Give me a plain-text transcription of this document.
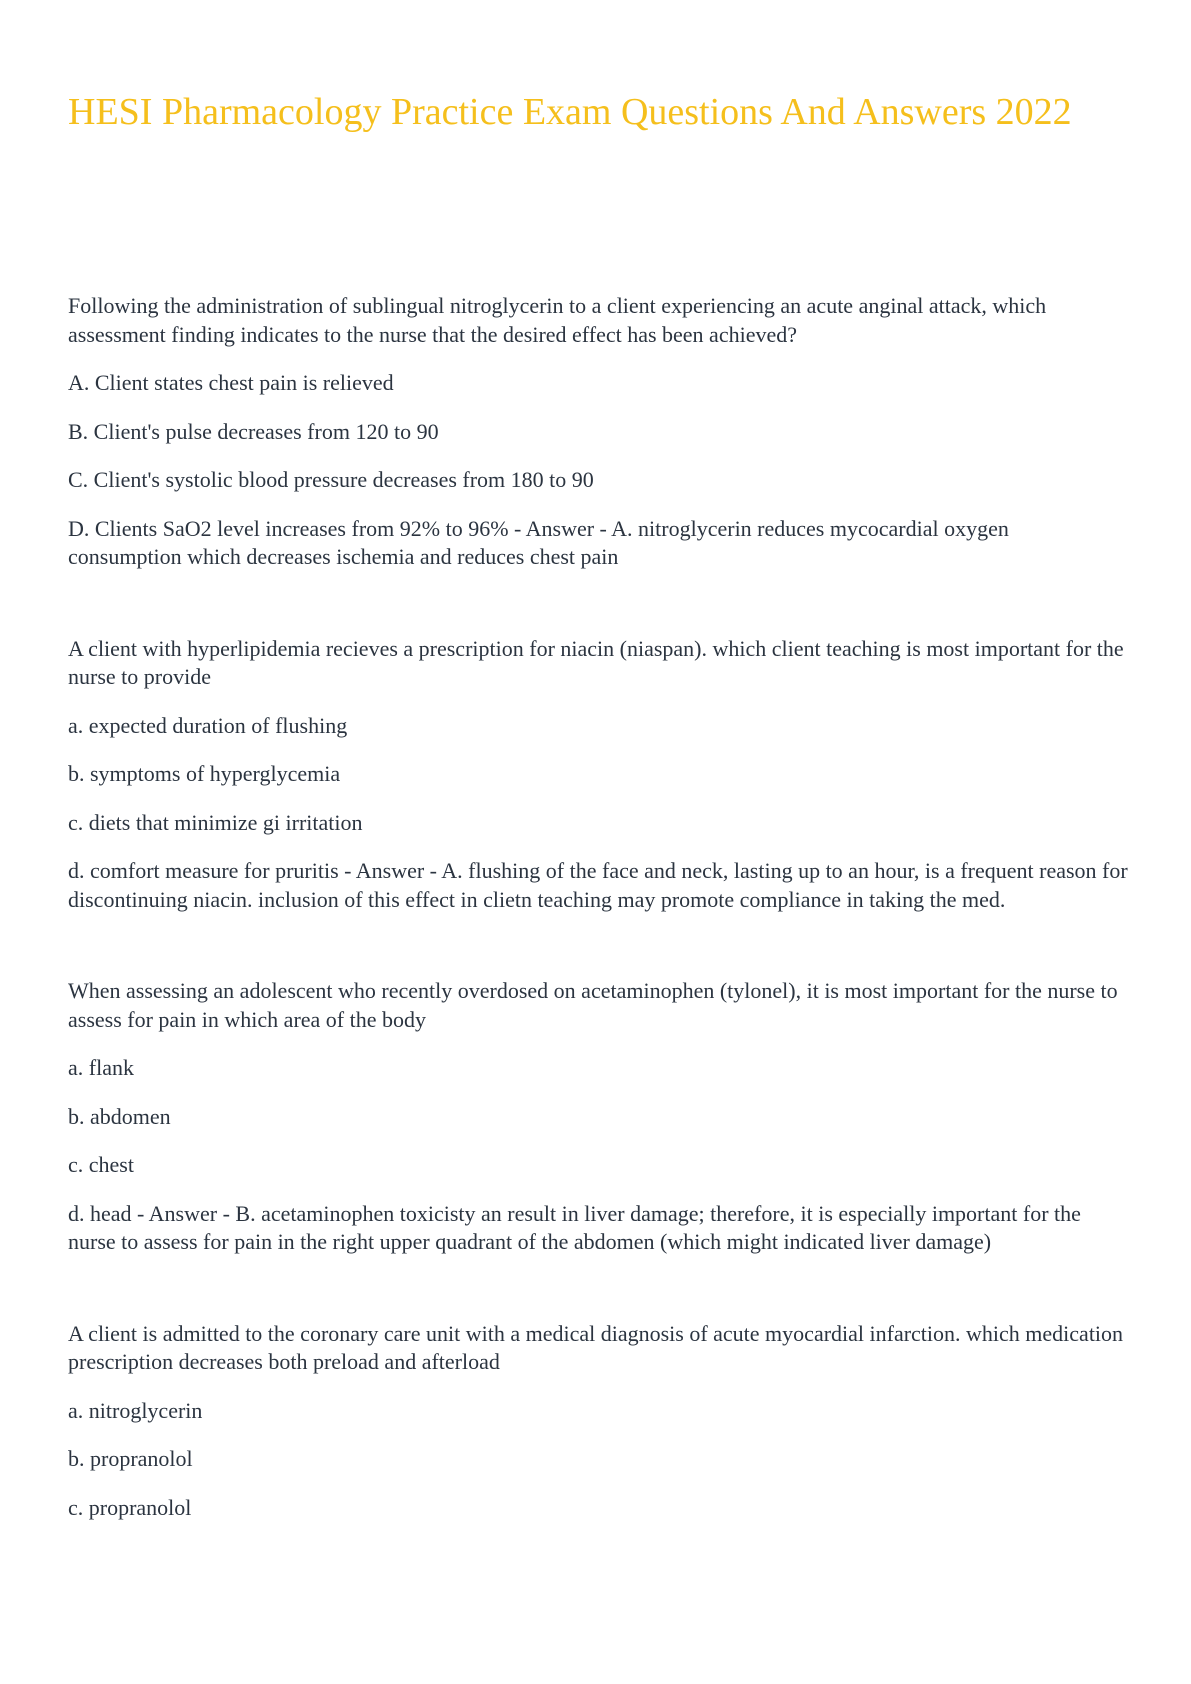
HESI Pharmacology Practice Exam Questions And Answers 2022

Following the administration of sublingual nitroglycerin to a client experiencing an acute anginal attack, which assessment finding indicates to the nurse that the desired effect has been achieved?

A. Client states chest pain is relieved

B. Client's pulse decreases from 120 to 90

C. Client's systolic blood pressure decreases from 180 to 90

D. Clients SaO2 level increases from 92% to 96% - Answer - A. nitroglycerin reduces mycocardial oxygen consumption which decreases ischemia and reduces chest pain

A client with hyperlipidemia recieves a prescription for niacin (niaspan). which client teaching is most important for the nurse to provide

a. expected duration of flushing

b. symptoms of hyperglycemia

c. diets that minimize gi irritation

d. comfort measure for pruritis - Answer - A. flushing of the face and neck, lasting up to an hour, is a frequent reason for discontinuing niacin. inclusion of this effect in clietn teaching may promote compliance in taking the med.

When assessing an adolescent who recently overdosed on acetaminophen (tylonel), it is most important for the nurse to assess for pain in which area of the body

a. flank

b. abdomen

c. chest

d. head - Answer - B. acetaminophen toxicisty an result in liver damage; therefore, it is especially important for the nurse to assess for pain in the right upper quadrant of the abdomen (which might indicated liver damage)

A client is admitted to the coronary care unit with a medical diagnosis of acute myocardial infarction. which medication prescription decreases both preload and afterload

a. nitroglycerin

b. propranolol

c. propranolol
